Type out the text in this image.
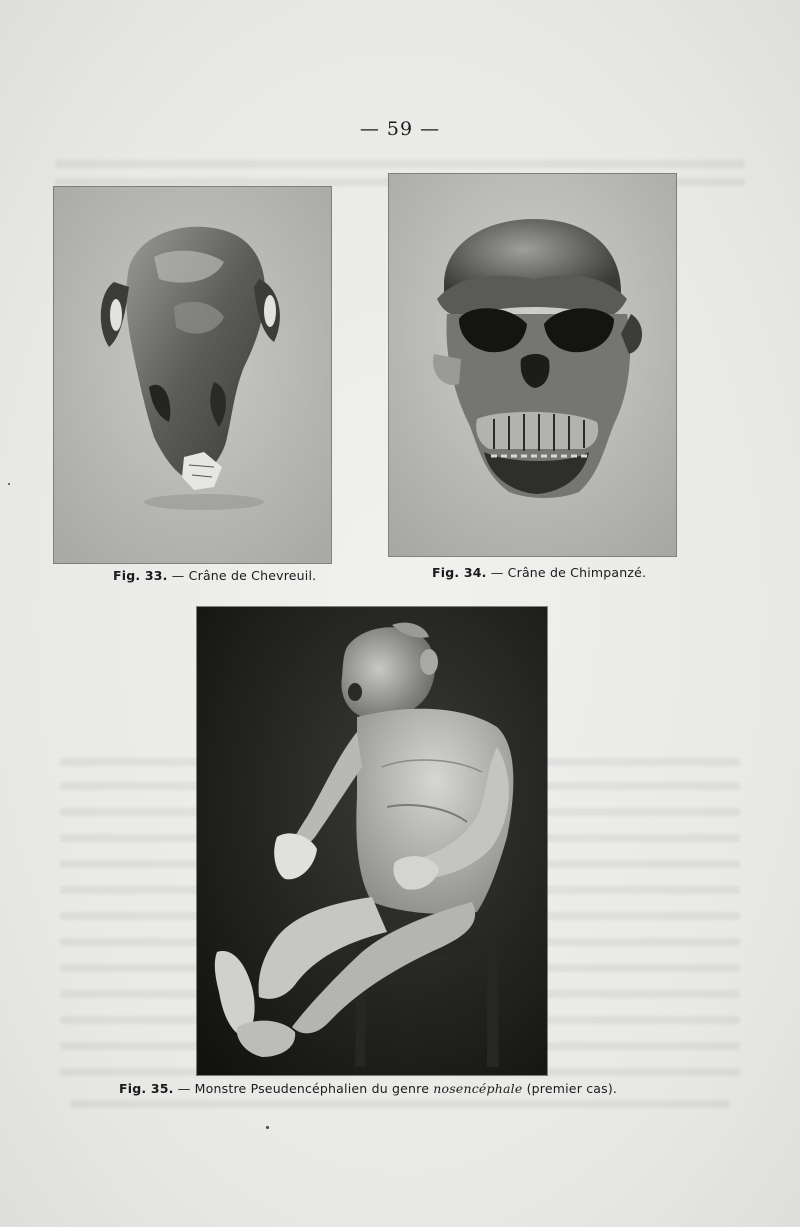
— 59 —
Fig. 33. — Crâne de Chevreuil.	Fig. 34. — Crâne de Chimpanzé.
Fig. 35. — Monstre Pseudencéphalien du genre nosencéphale (premier cas).
